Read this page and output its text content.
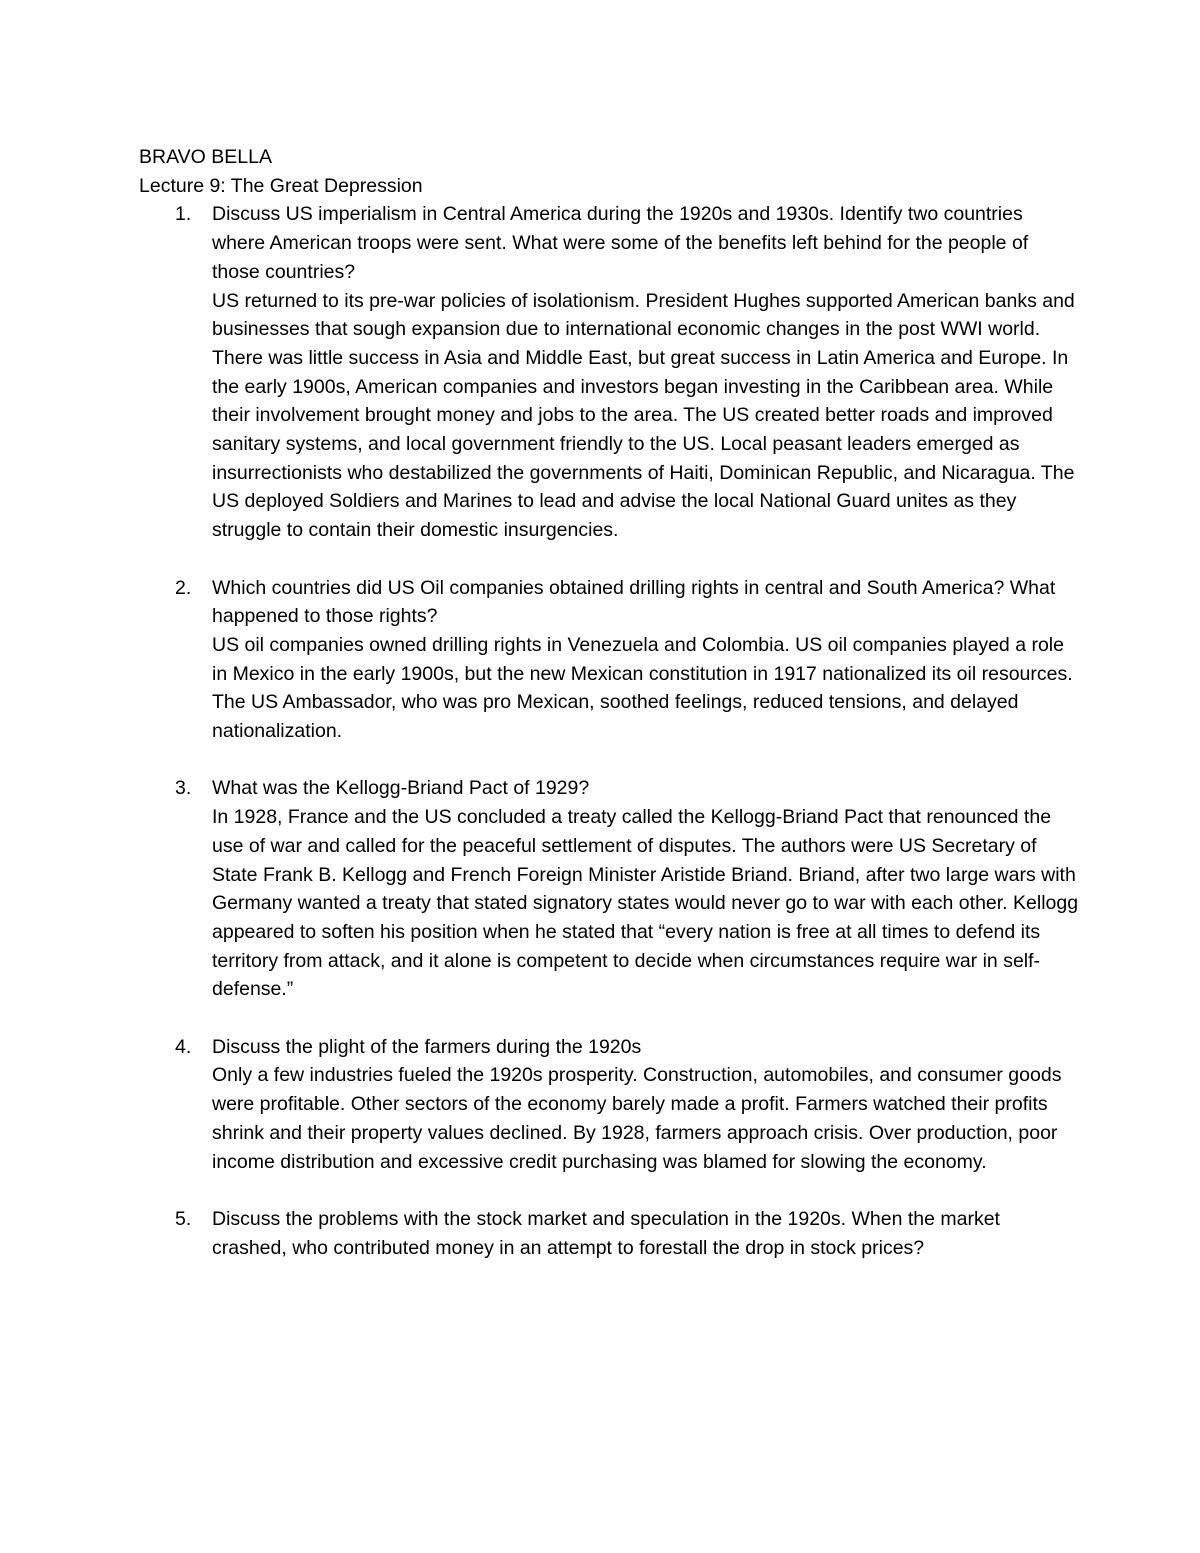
BRAVO BELLA

Lecture 9: The Great Depression

1. Discuss US imperialism in Central America during the 1920s and 1930s. Identify two countries where American troops were sent. What were some of the benefits left behind for the people of those countries?

US returned to its pre-war policies of isolationism. President Hughes supported American banks and businesses that sough expansion due to international economic changes in the post WWI world. There was little success in Asia and Middle East, but great success in Latin America and Europe. In the early 1900s, American companies and investors began investing in the Caribbean area. While their involvement brought money and jobs to the area. The US created better roads and improved sanitary systems, and local government friendly to the US. Local peasant leaders emerged as insurrectionists who destabilized the governments of Haiti, Dominican Republic, and Nicaragua. The US deployed Soldiers and Marines to lead and advise the local National Guard unites as they struggle to contain their domestic insurgencies.

2. Which countries did US Oil companies obtained drilling rights in central and South America? What happened to those rights?

US oil companies owned drilling rights in Venezuela and Colombia. US oil companies played a role in Mexico in the early 1900s, but the new Mexican constitution in 1917 nationalized its oil resources. The US Ambassador, who was pro Mexican, soothed feelings, reduced tensions, and delayed nationalization.

3. What was the Kellogg-Briand Pact of 1929?

In 1928, France and the US concluded a treaty called the Kellogg-Briand Pact that renounced the use of war and called for the peaceful settlement of disputes. The authors were US Secretary of State Frank B. Kellogg and French Foreign Minister Aristide Briand. Briand, after two large wars with Germany wanted a treaty that stated signatory states would never go to war with each other. Kellogg appeared to soften his position when he stated that “every nation is free at all times to defend its territory from attack, and it alone is competent to decide when circumstances require war in self-defense.”

4. Discuss the plight of the farmers during the 1920s

Only a few industries fueled the 1920s prosperity. Construction, automobiles, and consumer goods were profitable. Other sectors of the economy barely made a profit. Farmers watched their profits shrink and their property values declined. By 1928, farmers approach crisis. Over production, poor income distribution and excessive credit purchasing was blamed for slowing the economy.

5. Discuss the problems with the stock market and speculation in the 1920s. When the market crashed, who contributed money in an attempt to forestall the drop in stock prices?
